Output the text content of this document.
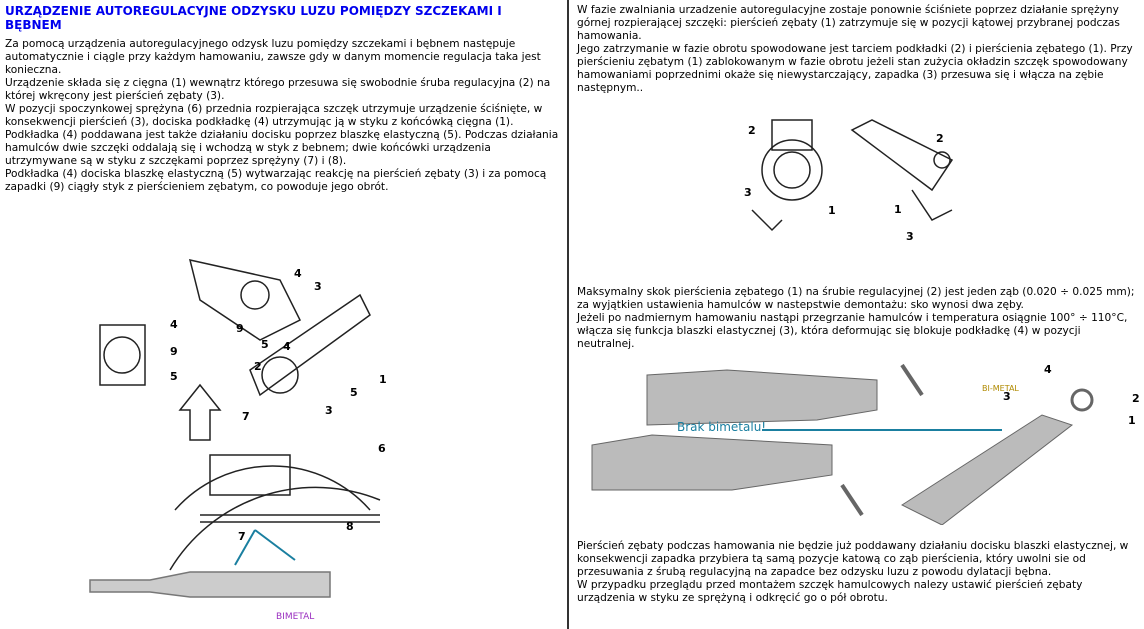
URZĄDZENIE AUTOREGULACYJNE ODZYSKU LUZU POMIĘDZY SZCZEKAMI I BĘBNEM

Za pomocą urządzenia autoregulacyjnego odzysk luzu pomiędzy szczekami i bębnem następuje automatycznie i ciągle przy każdym hamowaniu, zawsze gdy w danym momencie regulacja taka jest konieczna.

Urządzenie składa się z cięgna (1) wewnątrz którego przesuwa się swobodnie śruba regulacyjna (2) na której wkręcony jest pierścień zębaty (3).

W pozycji spoczynkowej sprężyna (6) przednia rozpierająca szczęk utrzymuje urządzenie ściśnięte, w konsekwencji pierścień (3), dociska podkładkę (4) utrzymując ją w styku z końcówką cięgna (1).

Podkładka (4) poddawana jest także działaniu docisku poprzez blaszkę elastyczną (5). Podczas działania hamulców dwie szczęki oddalają się i wchodzą w styk z bebnem; dwie końcówki urządzenia utrzymywane są w styku z szczękami poprzez sprężyny (7) i (8).

Podkładka (4) dociska blaszkę elastyczną (5) wytwarzając reakcję na pierścień zębaty (3) i za pomocą zapadki (9) ciągły styk z pierścieniem zębatym, co powoduje jego obrót.

4
3
9
5
4
9
5
2
4
1
5
7	3
6
7
8
BIMETAL

W fazie zwalniania urzadzenie autoregulacyjne zostaje ponownie ściśniete poprzez działanie sprężyny górnej rozpierającej szczęki: pierścień zębaty (1) zatrzymuje się w pozycji kątowej przybranej podczas hamowania.

Jego zatrzymanie w fazie obrotu spowodowane jest tarciem podkładki (2) i pierścienia zębatego (1). Przy pierścieniu zębatym (1) zablokowanym w fazie obrotu jeżeli stan zużycia okładzin szczęk spowodowany hamowaniami poprzednimi okaże się niewystarczający, zapadka (3) przesuwa się i włącza na zębie następnym..

2
3
1
2
1
3

Maksymalny skok pierścienia zębatego (1) na śrubie regulacyjnej (2) jest jeden ząb (0.020 ÷ 0.025 mm); za wyjątkien ustawienia hamulców w nastepstwie demontażu: sko wynosi dwa zęby.

Jeżeli po nadmiernym hamowaniu nastąpi przegrzanie hamulców i temperatura osiągnie 100° ÷ 110°C, włącza się funkcja blaszki elastycznej (3), która deformując się blokuje podkładkę (4) w pozycji neutralnej.

Brak bimetalu!
BI-METAL
4
3	2
1

Pierścień zębaty podczas hamowania nie będzie już poddawany działaniu docisku blaszki elastycznej, w konsekwencji zapadka przybiera tą samą pozycje katową co ząb pierścienia, który uwolni sie od przesuwania z śrubą regulacyjną na zapadce bez odzysku luzu z powodu dylatacji bębna.

W przypadku przeglądu przed montażem szczęk hamulcowych nalezy ustawić pierścień zębaty urządzenia w styku ze sprężyną i odkręcić go o pół obrotu.
